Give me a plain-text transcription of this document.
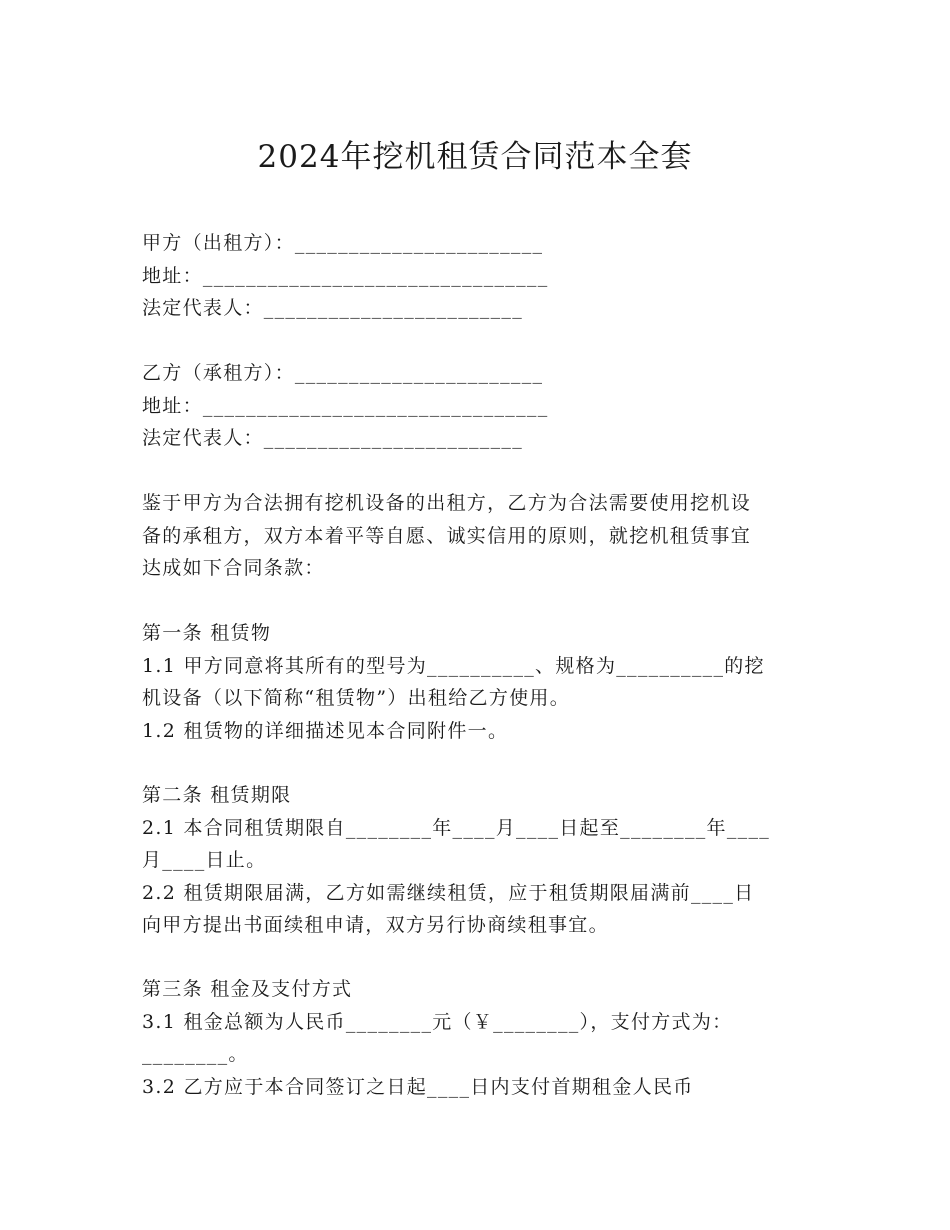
2024年挖机租赁合同范本全套
甲方（出租方）：_______________________
地址：________________________________
法定代表人：________________________
乙方（承租方）：_______________________
地址：________________________________
法定代表人：________________________
鉴于甲方为合法拥有挖机设备的出租方，乙方为合法需要使用挖机设
备的承租方，双方本着平等自愿、诚实信用的原则，就挖机租赁事宜
达成如下合同条款：
第一条 租赁物
1.1 甲方同意将其所有的型号为__________、规格为__________的挖
机设备（以下简称“租赁物”）出租给乙方使用。
1.2 租赁物的详细描述见本合同附件一。
第二条 租赁期限
2.1 本合同租赁期限自________年____月____日起至________年____
月____日止。
2.2 租赁期限届满，乙方如需继续租赁，应于租赁期限届满前____日
向甲方提出书面续租申请，双方另行协商续租事宜。
第三条 租金及支付方式
3.1 租金总额为人民币________元（￥________），支付方式为：
________。
3.2 乙方应于本合同签订之日起____日内支付首期租金人民币
